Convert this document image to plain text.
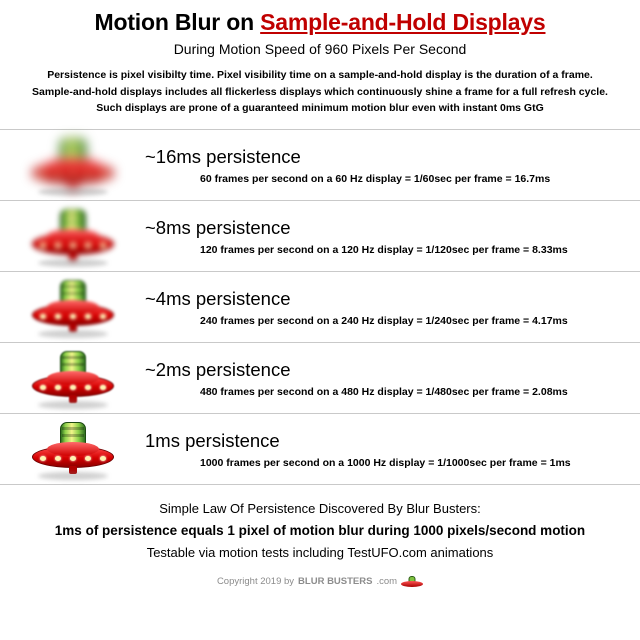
Motion Blur on Sample-and-Hold Displays
During Motion Speed of 960 Pixels Per Second
Persistence is pixel visibilty time. Pixel visibility time on a sample-and-hold display is the duration of a frame.
Sample-and-hold displays includes all flickerless displays which continuously shine a frame for a full refresh cycle.
Such displays are prone of a guaranteed minimum motion blur even with instant 0ms GtG
~16ms persistence
60 frames per second on a 60 Hz display = 1/60sec per frame = 16.7ms
~8ms persistence
120 frames per second on a 120 Hz display = 1/120sec per frame = 8.33ms
~4ms persistence
240 frames per second on a 240 Hz display = 1/240sec per frame = 4.17ms
~2ms persistence
480 frames per second on a 480 Hz display = 1/480sec per frame = 2.08ms
1ms persistence
1000 frames per second on a 1000 Hz display = 1/1000sec per frame = 1ms
Simple Law Of Persistence Discovered By Blur Busters:
1ms of persistence equals 1 pixel of motion blur during 1000 pixels/second motion
Testable via motion tests including TestUFO.com animations
Copyright 2019 by BLUR BUSTERS .com
